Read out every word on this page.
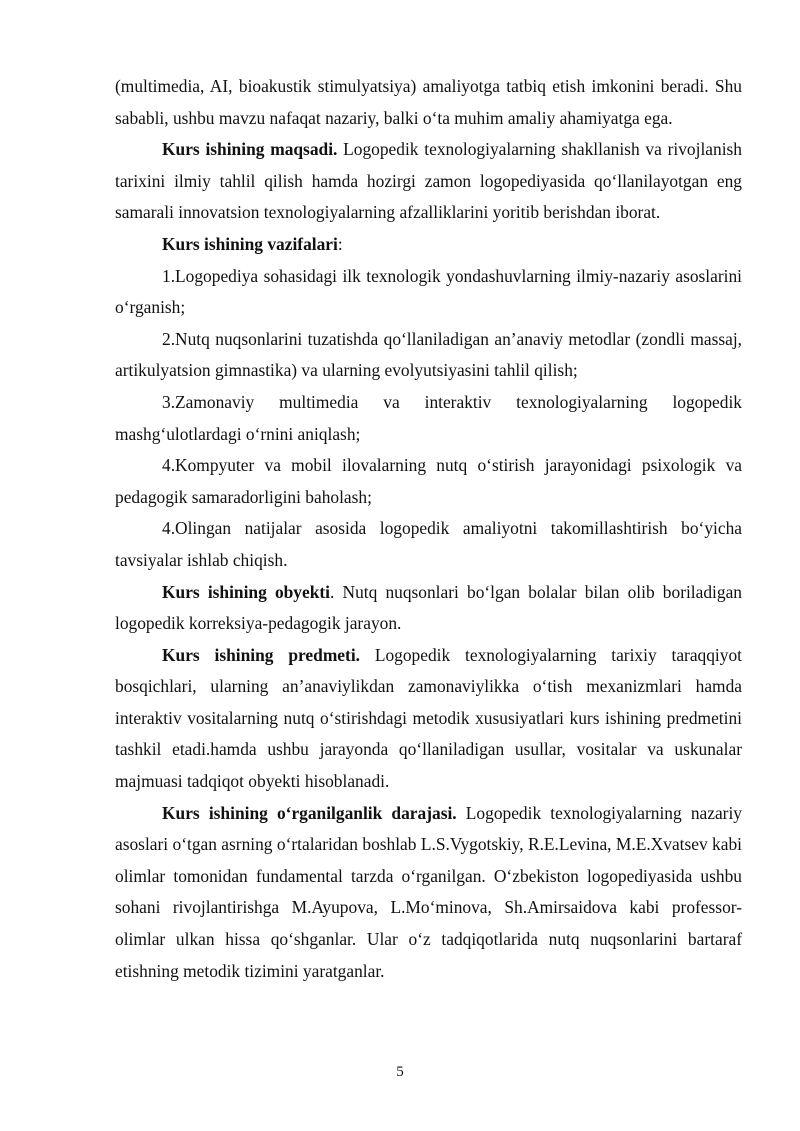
(multimedia, AI, bioakustik stimulyatsiya) amaliyotga tatbiq etish imkonini beradi. Shu sababli, ushbu mavzu nafaqat nazariy, balki o‘ta muhim amaliy ahamiyatga ega.

Kurs ishining maqsadi. Logopedik texnologiyalarning shakllanish va rivojlanish tarixini ilmiy tahlil qilish hamda hozirgi zamon logopediyasida qo‘llanilayotgan eng samarali innovatsion texnologiyalarning afzalliklarini yoritib berishdan iborat.

Kurs ishining vazifalari:

1.Logopediya sohasidagi ilk texnologik yondashuvlarning ilmiy-nazariy asoslarini o‘rganish;

2.Nutq nuqsonlarini tuzatishda qo‘llaniladigan an’anaviy metodlar (zondli massaj, artikulyatsion gimnastika) va ularning evolyutsiyasini tahlil qilish;

3.Zamonaviy multimedia va interaktiv texnologiyalarning logopedik mashg‘ulotlardagi o‘rnini aniqlash;

4.Kompyuter va mobil ilovalarning nutq o‘stirish jarayonidagi psixologik va pedagogik samaradorligini baholash;

4.Olingan natijalar asosida logopedik amaliyotni takomillashtirish bo‘yicha tavsiyalar ishlab chiqish.

Kurs ishining obyekti. Nutq nuqsonlari bo‘lgan bolalar bilan olib boriladigan logopedik korreksiya-pedagogik jarayon.

Kurs ishining predmeti. Logopedik texnologiyalarning tarixiy taraqqiyot bosqichlari, ularning an’anaviylikdan zamonaviylikka o‘tish mexanizmlari hamda interaktiv vositalarning nutq o‘stirishdagi metodik xususiyatlari kurs ishining predmetini tashkil etadi.hamda ushbu jarayonda qo‘llaniladigan usullar, vositalar va uskunalar majmuasi tadqiqot obyekti hisoblanadi.

Kurs ishining o‘rganilganlik darajasi. Logopedik texnologiyalarning nazariy asoslari o‘tgan asrning o‘rtalaridan boshlab L.S.Vygotskiy, R.E.Levina, M.E.Xvatsev kabi olimlar tomonidan fundamental tarzda o‘rganilgan. O‘zbekiston logopediyasida ushbu sohani rivojlantirishga M.Ayupova, L.Mo‘minova, Sh.Amirsaidova kabi professor-olimlar ulkan hissa qo‘shganlar. Ular o‘z tadqiqotlarida nutq nuqsonlarini bartaraf etishning metodik tizimini yaratganlar.

5
